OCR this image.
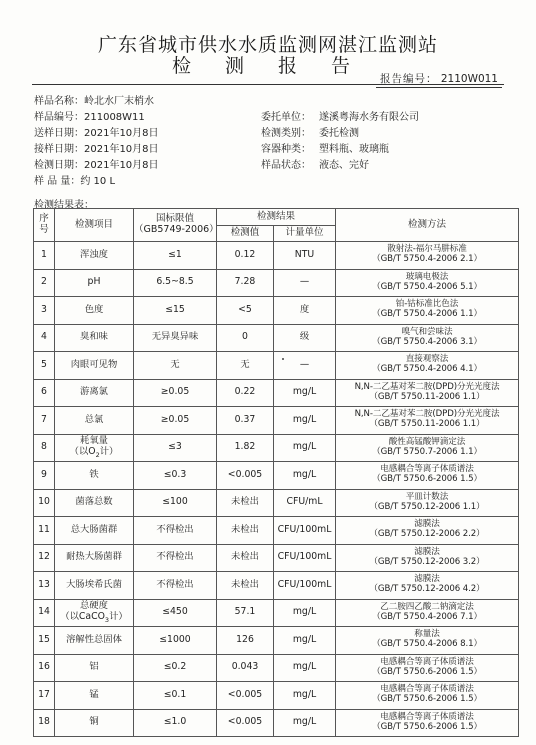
广东省城市供水水质监测网湛江监测站
检 测 报 告
报告编号： 2110W011
样品名称：岭北水厂末梢水
样品编号：211008W11
送样日期：2021年10月8日
接样日期：2021年10月8日
检测日期：2021年10月8日
样 品 量：约 10 L
委托单位： 遂溪粤海水务有限公司
检测类别： 委托检测
容器种类： 塑料瓶、玻璃瓶
样品状态： 液态、完好
检测结果表：
序号	检测项目	国标限值
（GB5749-2006）	检测结果		检测方法
			检测值	计量单位	
1	浑浊度	≤1	0.12	NTU	散射法-福尔马肼标准
（GB/T 5750.4-2006 2.1）

2	pH	6.5~8.5	7.28	—	玻璃电极法
（GB/T 5750.4-2006 5.1）

3	色度	≤15	<5	度	铂-钴标准比色法
（GB/T 5750.4-2006 1.1）

4	臭和味	无异臭异味	0	级	嗅气和尝味法
（GB/T 5750.4-2006 3.1）

5	肉眼可见物	无	无	—	直接观察法
（GB/T 5750.4-2006 4.1）

6	游离氯	≥0.05	0.22	mg/L	N,N-二乙基对苯二胺(DPD)分光光度法
（GB/T 5750.11-2006 1.1）

7	总氯	≥0.05	0.37	mg/L	N,N-二乙基对苯二胺(DPD)分光光度法
（GB/T 5750.11-2006 1.1）

8	耗氧量
（以$O_2$计）	≤3	1.82	mg/L	酸性高锰酸钾滴定法
（GB/T 5750.7-2006 1.1）

9	铁	≤0.3	<0.005	mg/L	电感耦合等离子体质谱法
（GB/T 5750.6-2006 1.5）

10	菌落总数	≤100	未检出	CFU/mL	平皿计数法
（GB/T 5750.12-2006 1.1）

11	总大肠菌群	不得检出	未检出	CFU/100mL	滤膜法
（GB/T 5750.12-2006 2.2）

12	耐热大肠菌群	不得检出	未检出	CFU/100mL	滤膜法
（GB/T 5750.12-2006 3.2）

13	大肠埃希氏菌	不得检出	未检出	CFU/100mL	滤膜法
（GB/T 5750.12-2006 4.2）

14	总硬度
（以CaCO$_3$计）	≤450	57.1	mg/L	乙二胺四乙酸二钠滴定法
（GB/T 5750.4-2006 7.1）

15	溶解性总固体	≤1000	126	mg/L	称量法
（GB/T 5750.4-2006 8.1）

16	铝	≤0.2	0.043	mg/L	电感耦合等离子体质谱法
（GB/T 5750.6-2006 1.5）

17	锰	≤0.1	<0.005	mg/L	电感耦合等离子体质谱法
（GB/T 5750.6-2006 1.5）

18	铜	≤1.0	<0.005	mg/L	电感耦合等离子体质谱法
（GB/T 5750.6-2006 1.5）
